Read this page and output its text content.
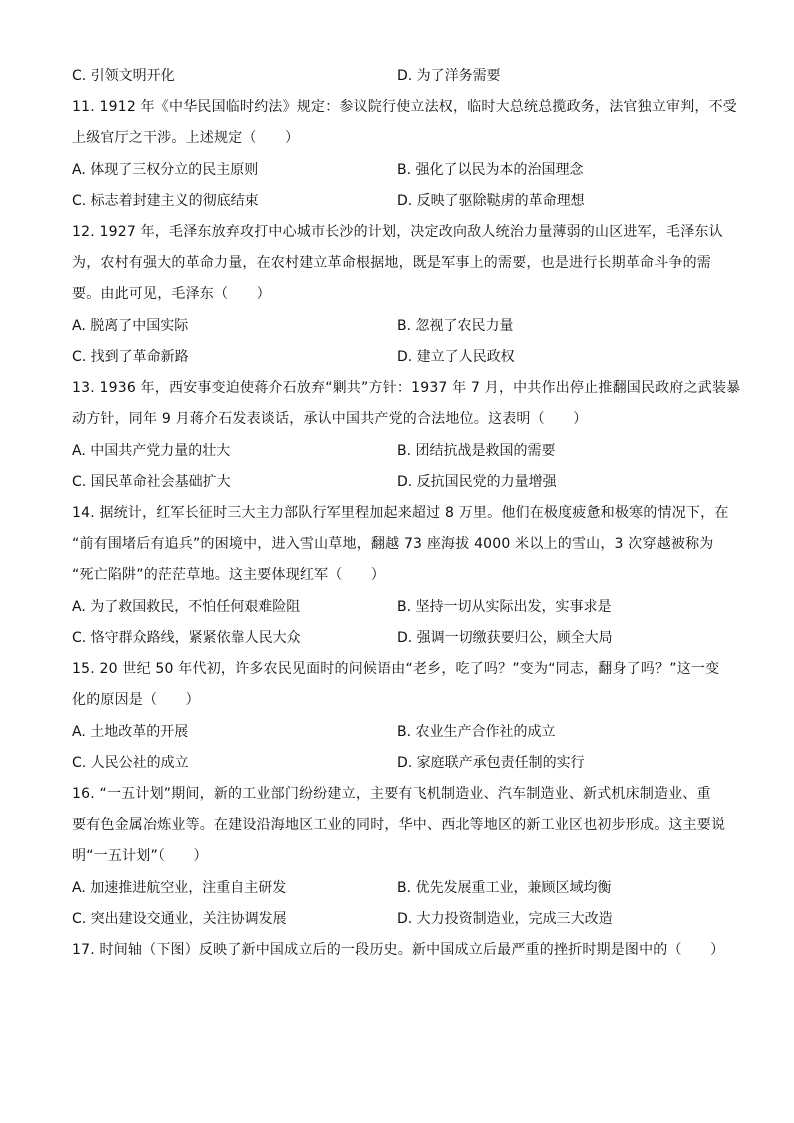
C. 引领文明开化	D. 为了洋务需要
11. 1912 年《中华民国临时约法》规定：参议院行使立法权，临时大总统总揽政务，法官独立审判，不受
上级官厅之干涉。上述规定（　　）
A. 体现了三权分立的民主原则	B. 强化了以民为本的治国理念
C. 标志着封建主义的彻底结束	D. 反映了驱除鞑虏的革命理想
12. 1927 年，毛泽东放弃攻打中心城市长沙的计划，决定改向敌人统治力量薄弱的山区进军，毛泽东认
为，农村有强大的革命力量，在农村建立革命根据地，既是军事上的需要，也是进行长期革命斗争的需
要。由此可见，毛泽东（　　）
A. 脱离了中国实际	B. 忽视了农民力量
C. 找到了革命新路	D. 建立了人民政权
13. 1936 年，西安事变迫使蒋介石放弃“剿共”方针：1937 年 7 月，中共作出停止推翻国民政府之武装暴
动方针，同年 9 月蒋介石发表谈话，承认中国共产党的合法地位。这表明（　　）
A. 中国共产党力量的壮大	B. 团结抗战是救国的需要
C. 国民革命社会基础扩大	D. 反抗国民党的力量增强
14. 据统计，红军长征时三大主力部队行军里程加起来超过 8 万里。他们在极度疲惫和极寒的情况下，在
“前有围堵后有追兵”的困境中，进入雪山草地，翻越 73 座海拔 4000 米以上的雪山，3 次穿越被称为
“死亡陷阱”的茫茫草地。这主要体现红军（　　）
A. 为了救国救民，不怕任何艰难险阻	B. 坚持一切从实际出发，实事求是
C. 恪守群众路线，紧紧依靠人民大众	D. 强调一切缴获要归公，顾全大局
15. 20 世纪 50 年代初，许多农民见面时的问候语由“老乡，吃了吗？”变为“同志，翻身了吗？”这一变
化的原因是（　　）
A. 土地改革的开展	B. 农业生产合作社的成立
C. 人民公社的成立	D. 家庭联产承包责任制的实行
16. “一五计划”期间，新的工业部门纷纷建立，主要有飞机制造业、汽车制造业、新式机床制造业、重
要有色金属冶炼业等。在建设沿海地区工业的同时，华中、西北等地区的新工业区也初步形成。这主要说
明“一五计划”（　　）
A. 加速推进航空业，注重自主研发	B. 优先发展重工业，兼顾区域均衡
C. 突出建设交通业，关注协调发展	D. 大力投资制造业，完成三大改造
17. 时间轴（下图）反映了新中国成立后的一段历史。新中国成立后最严重的挫折时期是图中的（　　）
